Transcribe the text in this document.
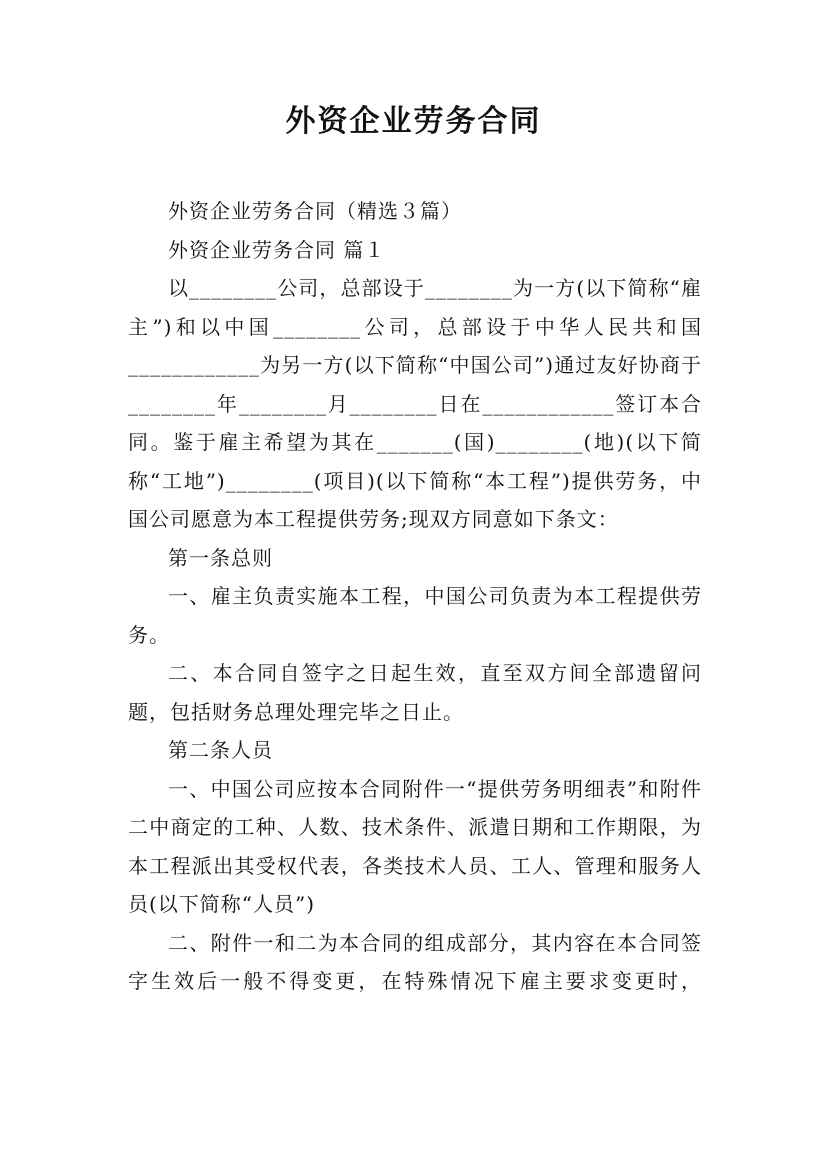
外资企业劳务合同

外资企业劳务合同（精选３篇）

外资企业劳务合同 篇１

以________公司，总部设于________为一方(以下简称“雇主”)和以中国________公司，总部设于中华人民共和国____________为另一方(以下简称“中国公司”)通过友好协商于________年________月________日在____________签订本合同。鉴于雇主希望为其在_______(国)________(地)(以下简称“工地”)________(项目)(以下简称“本工程”)提供劳务，中国公司愿意为本工程提供劳务;现双方同意如下条文：

第一条总则

一、雇主负责实施本工程，中国公司负责为本工程提供劳务。

二、本合同自签字之日起生效，直至双方间全部遗留问题，包括财务总理处理完毕之日止。

第二条人员

一、中国公司应按本合同附件一“提供劳务明细表”和附件二中商定的工种、人数、技术条件、派遣日期和工作期限，为本工程派出其受权代表，各类技术人员、工人、管理和服务人员(以下简称“人员”)

二、附件一和二为本合同的组成部分，其内容在本合同签字生效后一般不得变更，在特殊情况下雇主要求变更时，
